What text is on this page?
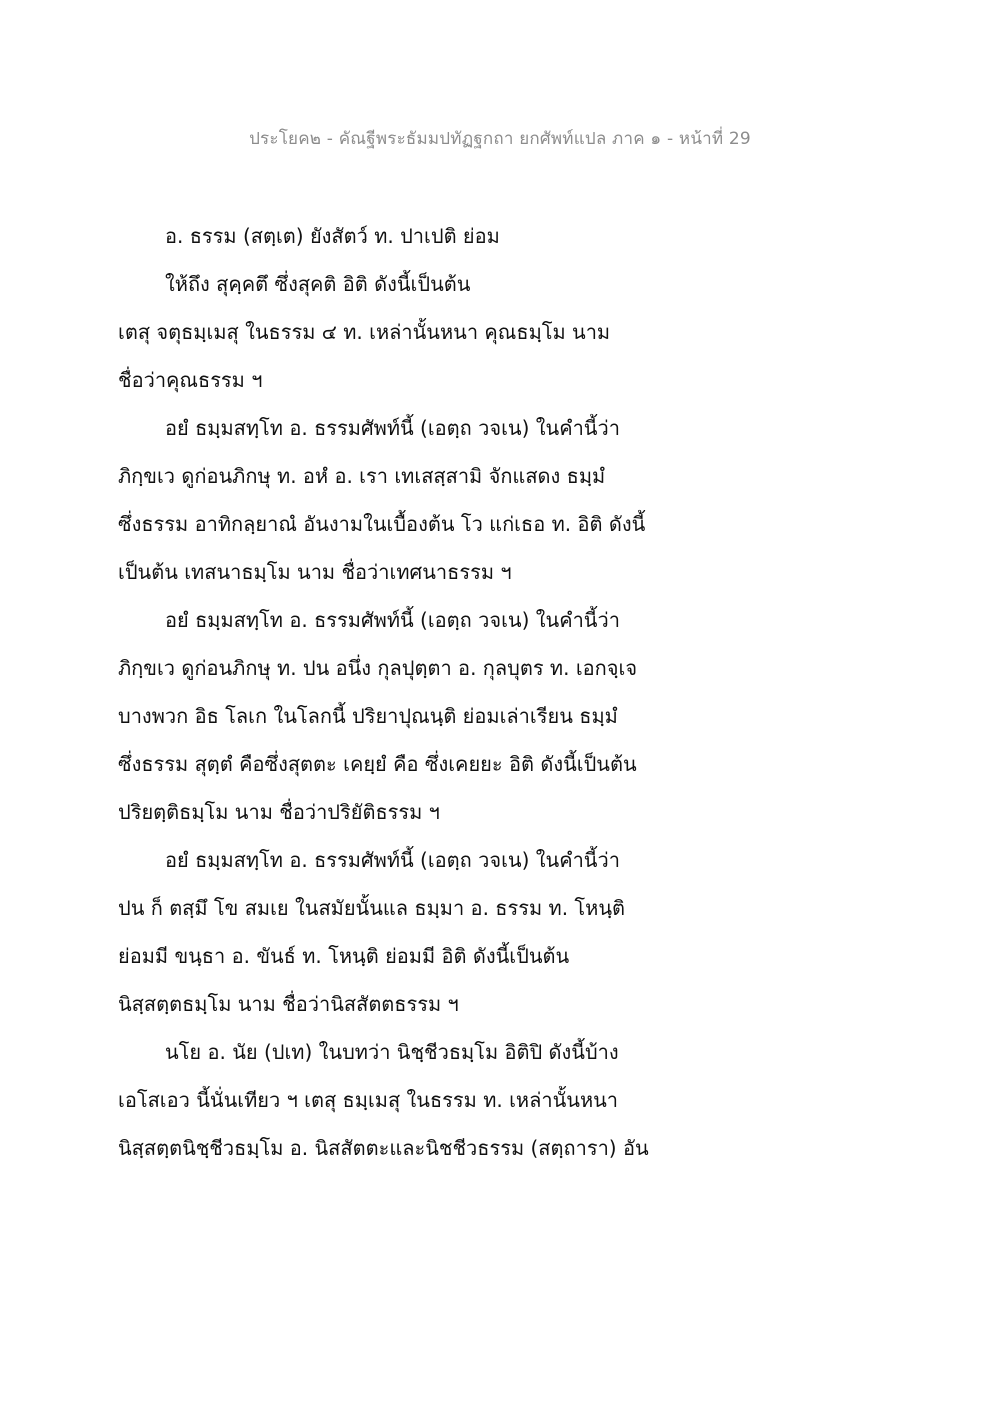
ประโยค๒ - คัณฐีพระธัมมปทัฏฐกถา ยกศัพท์แปล ภาค ๑ - หน้าที่ 29
อ. ธรรม (สตฺเต) ยังสัตว์ ท. ปาเปติ ย่อม
ให้ถึง สุคฺคตึ ซึ่งสุคติ อิติ ดังนี้เป็นต้น
เตสุ จตุธมฺเมสุ ในธรรม ๔ ท. เหล่านั้นหนา คุณธมฺโม นาม
ชื่อว่าคุณธรรม ฯ
อยํ ธมฺมสทฺโท อ. ธรรมศัพท์นี้ (เอตฺถ วจเน) ในคำนี้ว่า
ภิกฺขเว ดูก่อนภิกษุ ท. อหํ อ. เรา เทเสสฺสามิ จักแสดง ธมฺมํ
ซึ่งธรรม อาทิกลฺยาณํ อันงามในเบื้องต้น โว แก่เธอ ท. อิติ ดังนี้
เป็นต้น เทสนาธมฺโม นาม ชื่อว่าเทศนาธรรม ฯ
อยํ ธมฺมสทฺโท อ. ธรรมศัพท์นี้ (เอตฺถ วจเน) ในคำนี้ว่า
ภิกฺขเว ดูก่อนภิกษุ ท. ปน อนึ่ง กุลปุตฺตา อ. กุลบุตร ท. เอกจฺเจ
บางพวก อิธ โลเก ในโลกนี้ ปริยาปุณนฺติ ย่อมเล่าเรียน ธมฺมํ
ซึ่งธรรม สุตฺตํ คือซึ่งสุตตะ เคยฺยํ คือ ซึ่งเคยยะ อิติ ดังนี้เป็นต้น
ปริยตฺติธมฺโม นาม ชื่อว่าปริยัติธรรม ฯ
อยํ ธมฺมสทฺโท อ. ธรรมศัพท์นี้ (เอตฺถ วจเน) ในคำนี้ว่า
ปน ก็ ตสฺมึ โข สมเย ในสมัยนั้นแล ธมฺมา อ. ธรรม ท. โหนฺติ
ย่อมมี ขนฺธา อ. ขันธ์ ท. โหนฺติ ย่อมมี อิติ ดังนี้เป็นต้น
นิสฺสตฺตธมฺโม นาม ชื่อว่านิสสัตตธรรม ฯ
นโย อ. นัย (ปเท) ในบทว่า นิชฺชีวธมฺโม อิติปิ ดังนี้บ้าง
เอโสเอว นี้นั่นเทียว ฯ เตสุ ธมฺเมสุ ในธรรม ท. เหล่านั้นหนา
นิสฺสตฺตนิชฺชีวธมฺโม อ. นิสสัตตะและนิชชีวธรรม (สตฺถารา) อัน
